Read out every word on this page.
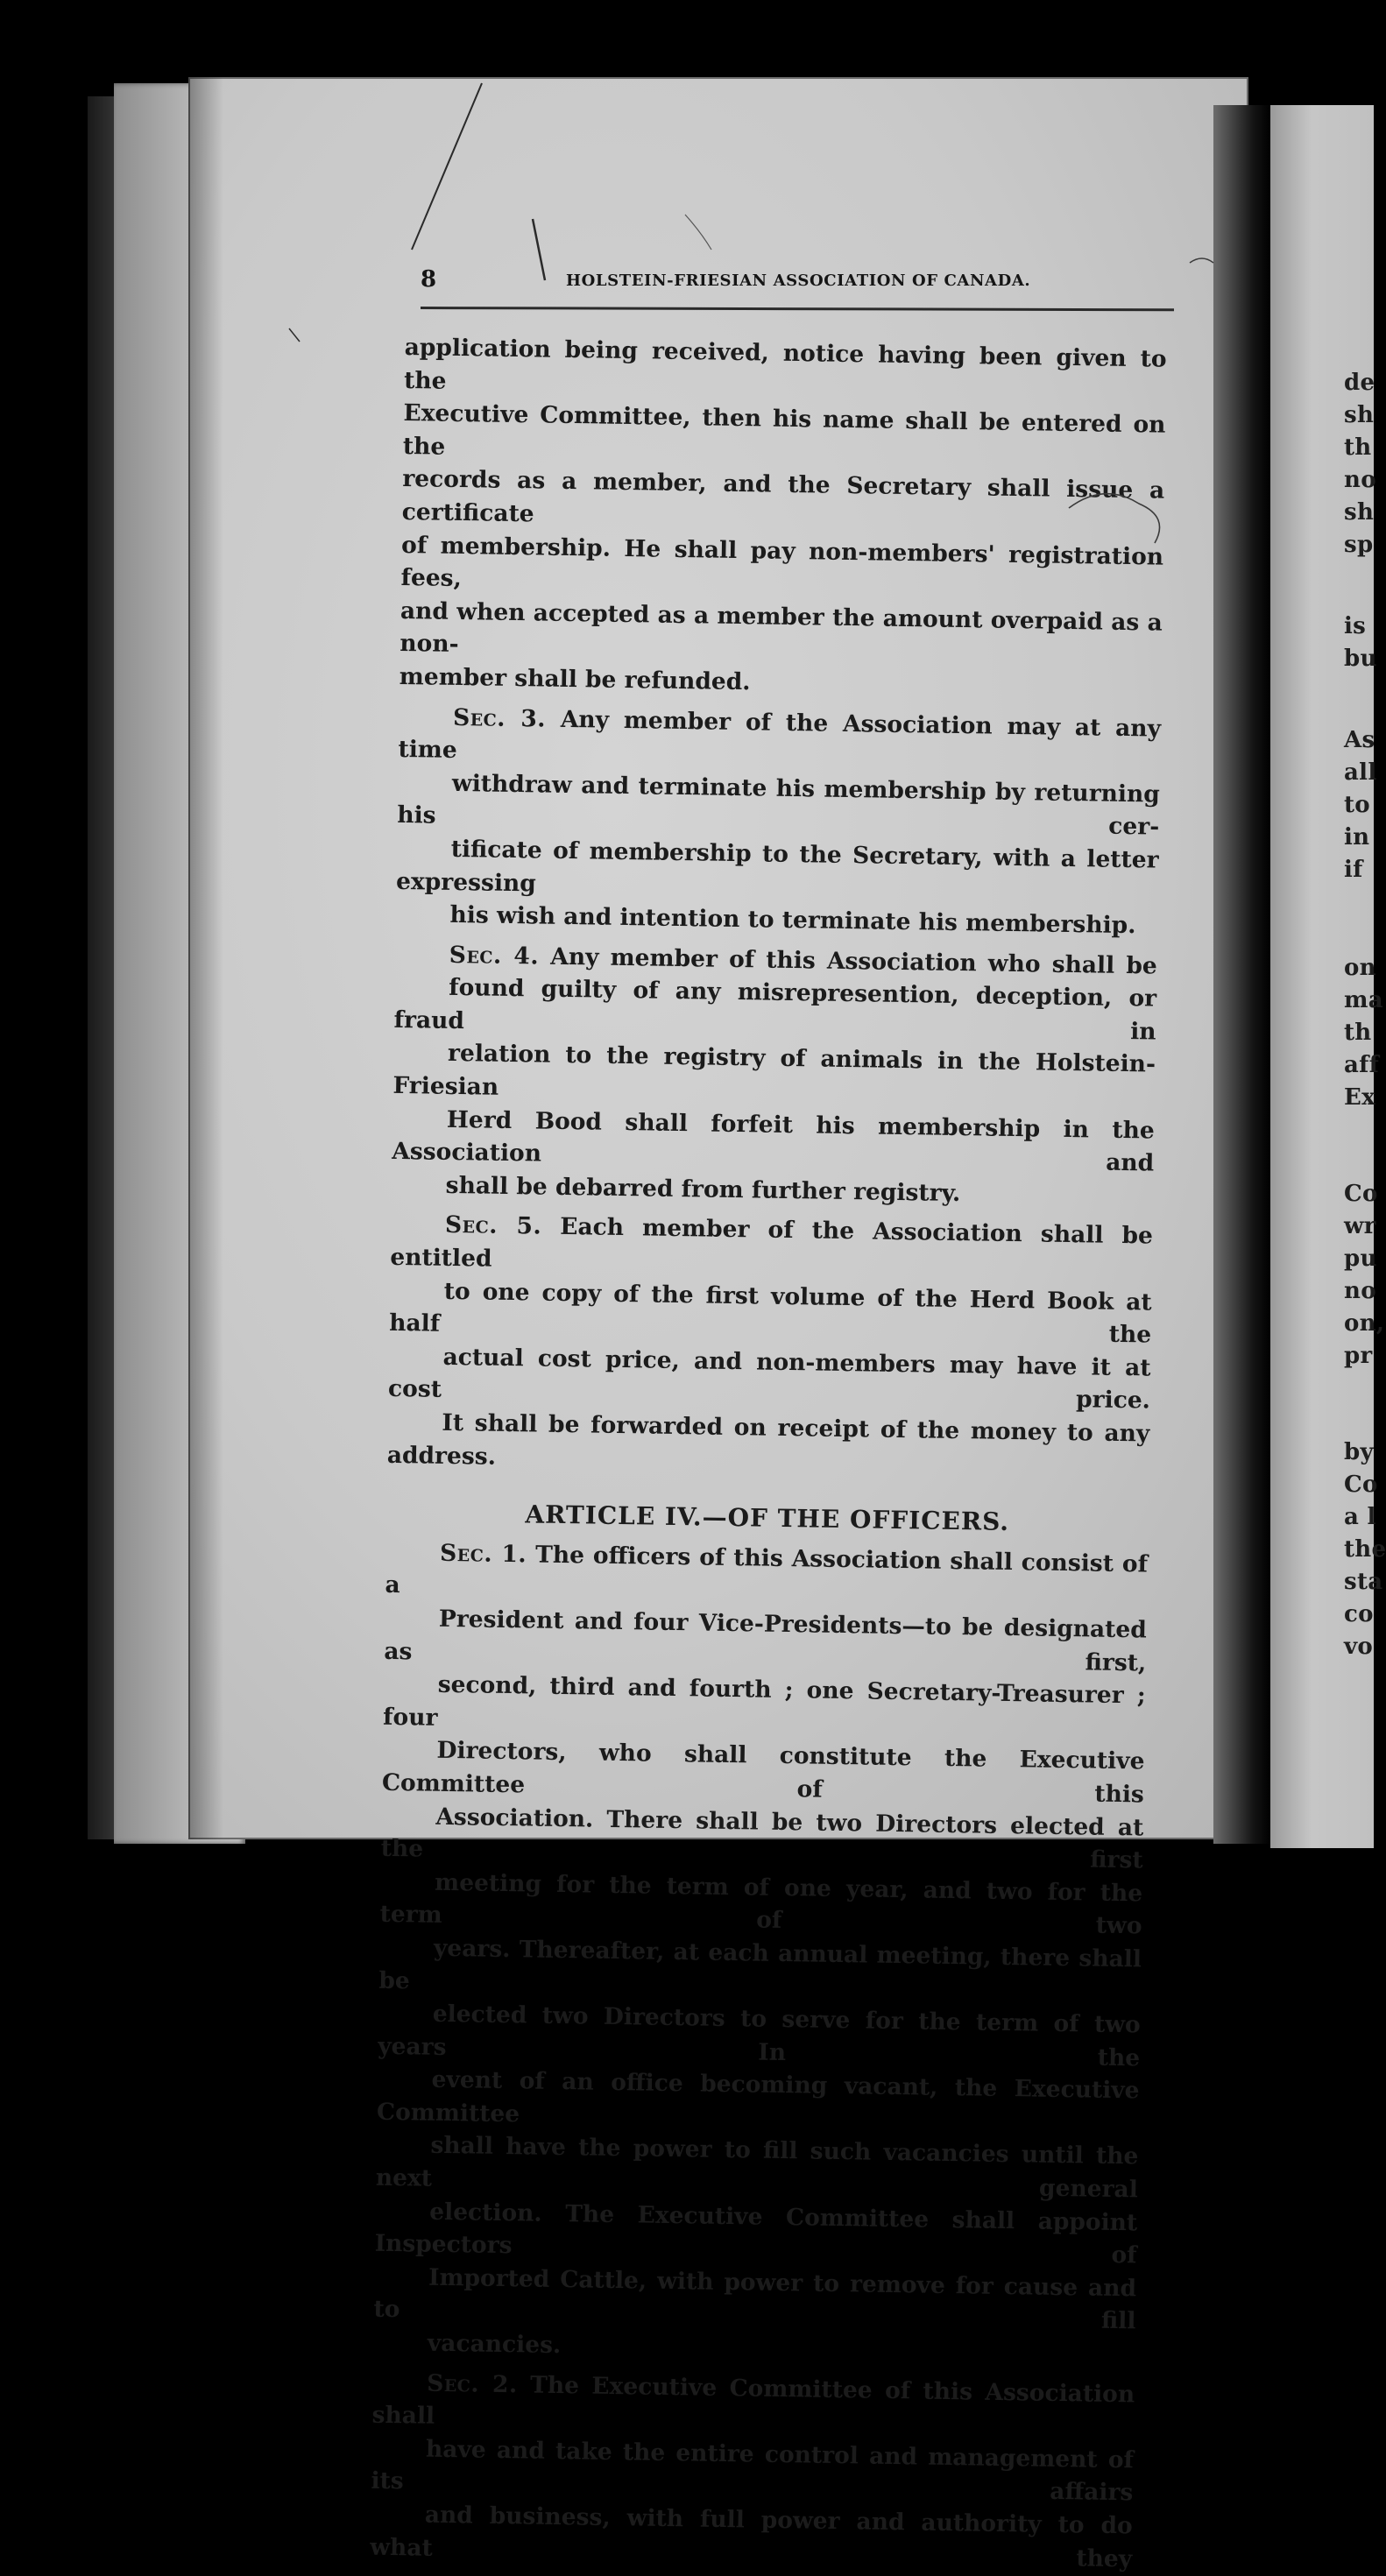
de
sh
th
no
sh
sp
is
bu
As
all
to
in
if
on
ma
th
aff
Ex
Co
wr
pu
no
on,
pr
by
Co
a l
the
sta
co
vo
8	HOLSTEIN-FRIESIAN ASSOCIATION OF CANADA.

application being received, notice having been given to the
Executive Committee, then his name shall be entered on the
records as a member, and the Secretary shall issue a certificate
of membership. He shall pay non-members' registration fees,
and when accepted as a member the amount overpaid as a non-
member shall be refunded.

Sec. 3. Any member of the Association may at any time
withdraw and terminate his membership by returning his cer-
tificate of membership to the Secretary, with a letter expressing
his wish and intention to terminate his membership.

Sec. 4. Any member of this Association who shall be
found guilty of any misrepresention, deception, or fraud in
relation to the registry of animals in the Holstein-Friesian
Herd Bood shall forfeit his membership in the Association and
shall be debarred from further registry.

Sec. 5. Each member of the Association shall be entitled
to one copy of the first volume of the Herd Book at half the
actual cost price, and non-members may have it at cost price.
It shall be forwarded on receipt of the money to any address.

ARTICLE IV.—OF THE OFFICERS.

Sec. 1. The officers of this Association shall consist of a
President and four Vice-Presidents—to be designated as first,
second, third and fourth ; one Secretary-Treasurer ; four
Directors, who shall constitute the Executive Committee of this
Association. There shall be two Directors elected at the first
meeting for the term of one year, and two for the term of two
years. Thereafter, at each annual meeting, there shall be
elected two Directors to serve for the term of two years In the
event of an office becoming vacant, the Executive Committee
shall have the power to fill such vacancies until the next general
election. The Executive Committee shall appoint Inspectors of
Imported Cattle, with power to remove for cause and to fill
vacancies.

Sec. 2. The Executive Committee of this Association shall
have and take the entire control and management of its affairs
and business, with full power and authority to do what they
